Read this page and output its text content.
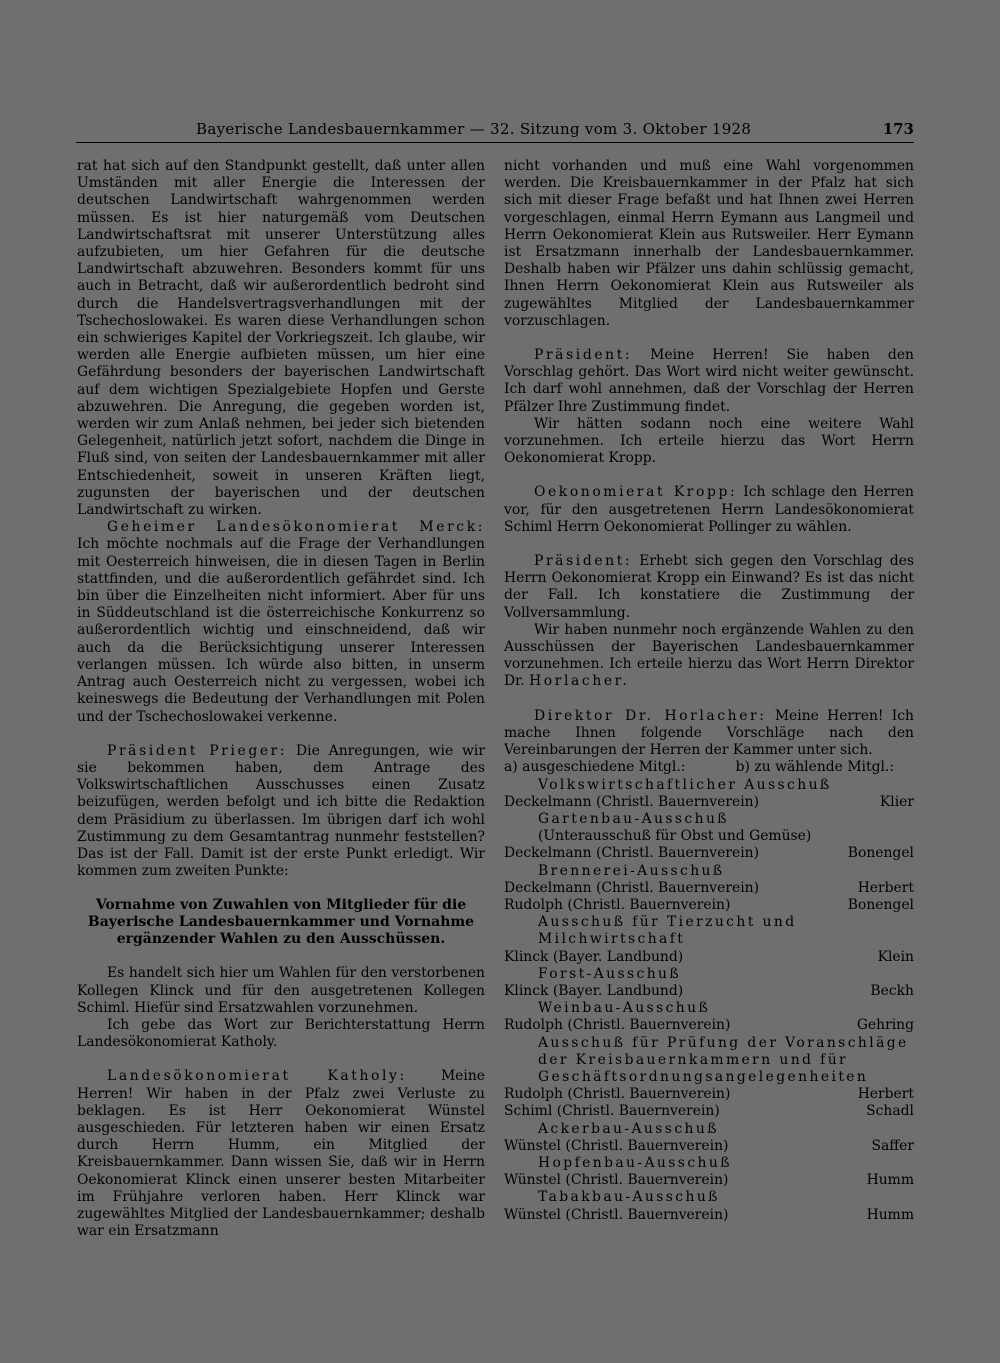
Bayerische Landesbauernkammer — 32. Sitzung vom 3. Oktober 1928	173

rat hat sich auf den Standpunkt gestellt, daß unter allen Umständen mit aller Energie die Interessen der deutschen Landwirtschaft wahrgenommen werden müssen. Es ist hier naturgemäß vom Deutschen Landwirtschaftsrat mit unserer Unterstützung alles aufzubieten, um hier Gefahren für die deutsche Landwirtschaft abzuwehren. Besonders kommt für uns auch in Betracht, daß wir außerordentlich bedroht sind durch die Handelsvertragsverhandlungen mit der Tschechoslowakei. Es waren diese Verhandlungen schon ein schwieriges Kapitel der Vorkriegszeit. Ich glaube, wir werden alle Energie aufbieten müssen, um hier eine Gefährdung besonders der bayerischen Landwirtschaft auf dem wichtigen Spezialgebiete Hopfen und Gerste abzuwehren. Die Anregung, die gegeben worden ist, werden wir zum Anlaß nehmen, bei jeder sich bietenden Gelegenheit, natürlich jetzt sofort, nachdem die Dinge in Fluß sind, von seiten der Landesbauernkammer mit aller Entschiedenheit, soweit in unseren Kräften liegt, zugunsten der bayerischen und der deutschen Landwirtschaft zu wirken.

Geheimer Landesökonomierat Merck: Ich möchte nochmals auf die Frage der Verhandlungen mit Oesterreich hinweisen, die in diesen Tagen in Berlin stattfinden, und die außerordentlich gefährdet sind. Ich bin über die Einzelheiten nicht informiert. Aber für uns in Süddeutschland ist die österreichische Konkurrenz so außerordentlich wichtig und einschneidend, daß wir auch da die Berücksichtigung unserer Interessen verlangen müssen. Ich würde also bitten, in unserm Antrag auch Oesterreich nicht zu vergessen, wobei ich keineswegs die Bedeutung der Verhandlungen mit Polen und der Tschechoslowakei verkenne.

Präsident Prieger: Die Anregungen, wie wir sie bekommen haben, dem Antrage des Volkswirtschaftlichen Ausschusses einen Zusatz beizufügen, werden befolgt und ich bitte die Redaktion dem Präsidium zu überlassen. Im übrigen darf ich wohl Zustimmung zu dem Gesamtantrag nunmehr feststellen? Das ist der Fall. Damit ist der erste Punkt erledigt. Wir kommen zum zweiten Punkte:

Vornahme von Zuwahlen von Mitglieder für die Bayerische Landesbauernkammer und Vornahme ergänzender Wahlen zu den Ausschüssen.

Es handelt sich hier um Wahlen für den verstorbenen Kollegen Klinck und für den ausgetretenen Kollegen Schiml. Hiefür sind Ersatzwahlen vorzunehmen.

Ich gebe das Wort zur Berichterstattung Herrn Landesökonomierat Katholy.

Landesökonomierat Katholy: Meine Herren! Wir haben in der Pfalz zwei Verluste zu beklagen. Es ist Herr Oekonomierat Wünstel ausgeschieden. Für letzteren haben wir einen Ersatz durch Herrn Humm, ein Mitglied der Kreisbauernkammer. Dann wissen Sie, daß wir in Herrn Oekonomierat Klinck einen unserer besten Mitarbeiter im Frühjahre verloren haben. Herr Klinck war zugewähltes Mitglied der Landesbauernkammer; deshalb war ein Ersatzmann

nicht vorhanden und muß eine Wahl vorgenommen werden. Die Kreisbauernkammer in der Pfalz hat sich sich mit dieser Frage befaßt und hat Ihnen zwei Herren vorgeschlagen, einmal Herrn Eymann aus Langmeil und Herrn Oekonomierat Klein aus Rutsweiler. Herr Eymann ist Ersatzmann innerhalb der Landesbauernkammer. Deshalb haben wir Pfälzer uns dahin schlüssig gemacht, Ihnen Herrn Oekonomierat Klein aus Rutsweiler als zugewähltes Mitglied der Landesbauernkammer vorzuschlagen.

Präsident: Meine Herren! Sie haben den Vorschlag gehört. Das Wort wird nicht weiter gewünscht. Ich darf wohl annehmen, daß der Vorschlag der Herren Pfälzer Ihre Zustimmung findet.

Wir hätten sodann noch eine weitere Wahl vorzunehmen. Ich erteile hierzu das Wort Herrn Oekonomierat Kropp.

Oekonomierat Kropp: Ich schlage den Herren vor, für den ausgetretenen Herrn Landesökonomierat Schiml Herrn Oekonomierat Pollinger zu wählen.

Präsident: Erhebt sich gegen den Vorschlag des Herrn Oekonomierat Kropp ein Einwand? Es ist das nicht der Fall. Ich konstatiere die Zustimmung der Vollversammlung.

Wir haben nunmehr noch ergänzende Wahlen zu den Ausschüssen der Bayerischen Landesbauernkammer vorzunehmen. Ich erteile hierzu das Wort Herrn Direktor Dr. Horlacher.

Direktor Dr. Horlacher: Meine Herren! Ich mache Ihnen folgende Vorschläge nach den Vereinbarungen der Herren der Kammer unter sich.

a) ausgeschiedene Mitgl.:	b) zu wählende Mitgl.:
Volkswirtschaftlicher Ausschuß
Deckelmann (Christl. Bauernverein)	Klier
Gartenbau-Ausschuß
(Unterausschuß für Obst und Gemüse)
Deckelmann (Christl. Bauernverein)	Bonengel
Brennerei-Ausschuß
Deckelmann (Christl. Bauernverein)	Herbert
Rudolph (Christl. Bauernverein)	Bonengel
Ausschuß für Tierzucht und Milchwirtschaft
Klinck (Bayer. Landbund)	Klein
Forst-Ausschuß
Klinck (Bayer. Landbund)	Beckh
Weinbau-Ausschuß
Rudolph (Christl. Bauernverein)	Gehring
Ausschuß für Prüfung der Voranschläge der Kreisbauernkammern und für Geschäftsordnungsangelegenheiten
Rudolph (Christl. Bauernverein)	Herbert
Schiml (Christl. Bauernverein)	Schadl
Ackerbau-Ausschuß
Wünstel (Christl. Bauernverein)	Saffer
Hopfenbau-Ausschuß
Wünstel (Christl. Bauernverein)	Humm
Tabakbau-Ausschuß
Wünstel (Christl. Bauernverein)	Humm
